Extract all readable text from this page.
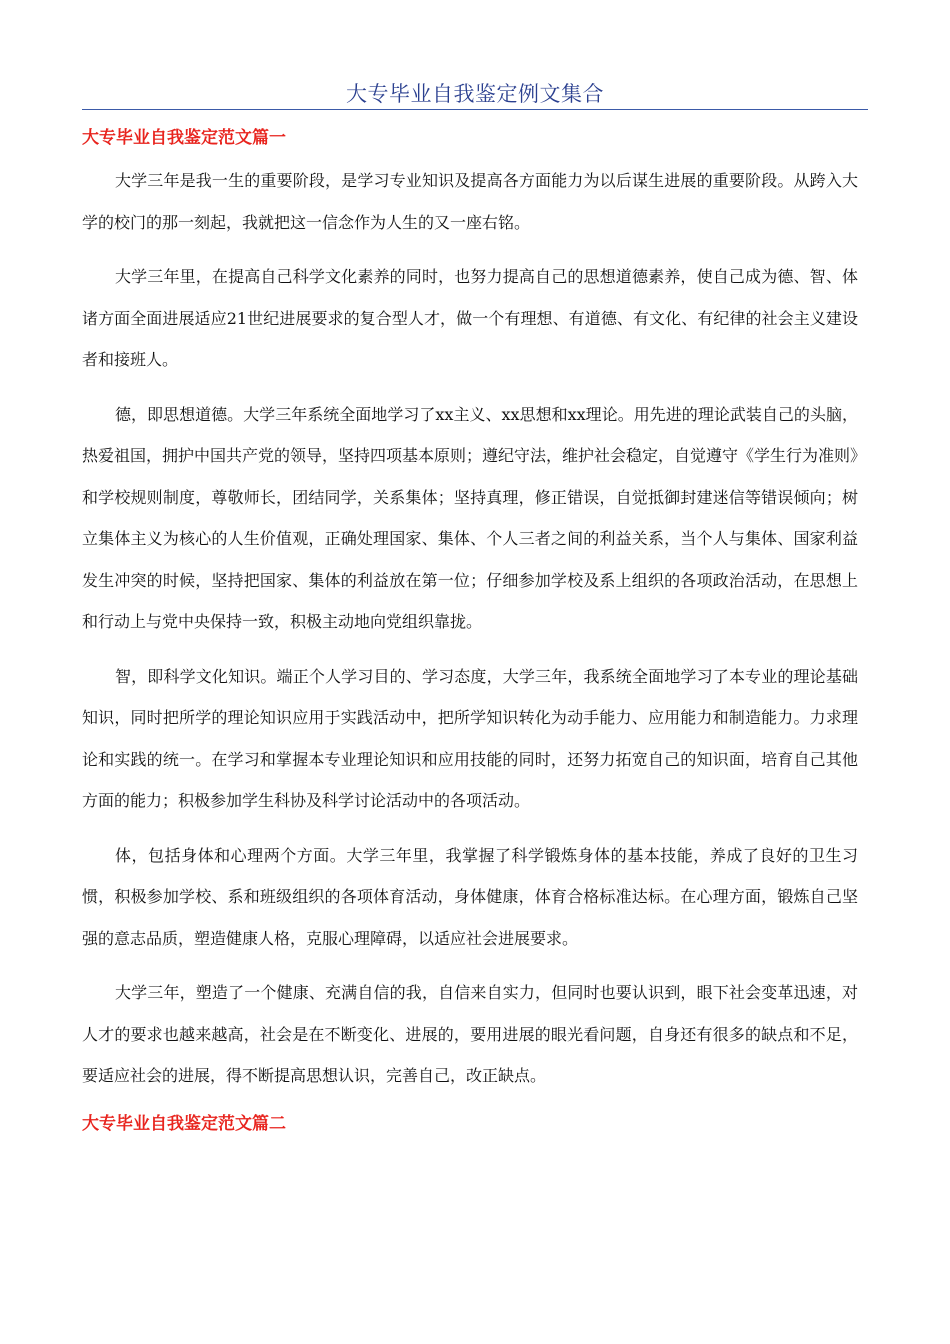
大专毕业自我鉴定例文集合
大专毕业自我鉴定范文篇一

大学三年是我一生的重要阶段，是学习专业知识及提高各方面能力为以后谋生进展的重要阶段。从跨入大学的校门的那一刻起，我就把这一信念作为人生的又一座右铭。

大学三年里，在提高自己科学文化素养的同时，也努力提高自己的思想道德素养，使自己成为德、智、体诸方面全面进展适应21世纪进展要求的复合型人才，做一个有理想、有道德、有文化、有纪律的社会主义建设者和接班人。

德，即思想道德。大学三年系统全面地学习了xx主义、xx思想和xx理论。用先进的理论武装自己的头脑，热爱祖国，拥护中国共产党的领导，坚持四项基本原则；遵纪守法，维护社会稳定，自觉遵守《学生行为准则》和学校规则制度，尊敬师长，团结同学，关系集体；坚持真理，修正错误，自觉抵御封建迷信等错误倾向；树立集体主义为核心的人生价值观，正确处理国家、集体、个人三者之间的利益关系，当个人与集体、国家利益发生冲突的时候，坚持把国家、集体的利益放在第一位；仔细参加学校及系上组织的各项政治活动，在思想上和行动上与党中央保持一致，积极主动地向党组织靠拢。

智，即科学文化知识。端正个人学习目的、学习态度，大学三年，我系统全面地学习了本专业的理论基础知识，同时把所学的理论知识应用于实践活动中，把所学知识转化为动手能力、应用能力和制造能力。力求理论和实践的统一。在学习和掌握本专业理论知识和应用技能的同时，还努力拓宽自己的知识面，培育自己其他方面的能力；积极参加学生科协及科学讨论活动中的各项活动。

体，包括身体和心理两个方面。大学三年里，我掌握了科学锻炼身体的基本技能，养成了良好的卫生习惯，积极参加学校、系和班级组织的各项体育活动，身体健康，体育合格标准达标。在心理方面，锻炼自己坚强的意志品质，塑造健康人格，克服心理障碍，以适应社会进展要求。

大学三年，塑造了一个健康、充满自信的我，自信来自实力，但同时也要认识到，眼下社会变革迅速，对人才的要求也越来越高，社会是在不断变化、进展的，要用进展的眼光看问题，自身还有很多的缺点和不足，要适应社会的进展，得不断提高思想认识，完善自己，改正缺点。

大专毕业自我鉴定范文篇二
